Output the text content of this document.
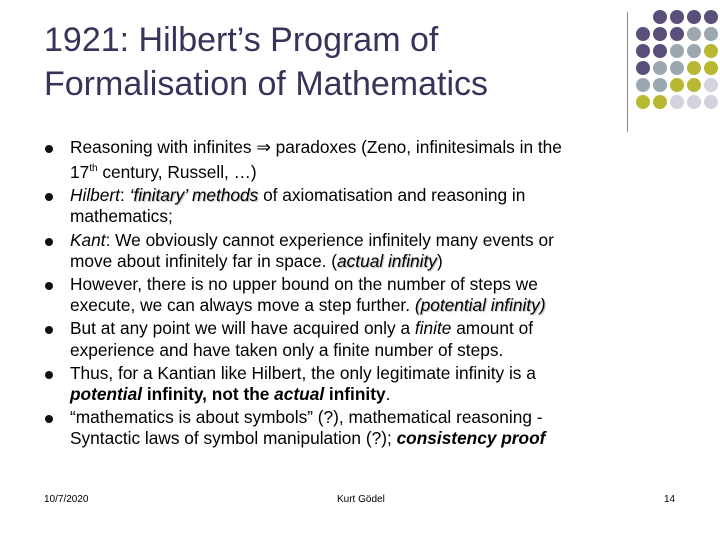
1921: Hilbert’s Program of
Formalisation of Mathematics
Reasoning with infinites ⇒ paradoxes (Zeno, infinitesimals in the
17th century, Russell, …)
Hilbert: ‘finitary’ methods of axiomatisation and reasoning in
mathematics;
Kant: We obviously cannot experience infinitely many events or
move about infinitely far in space. (actual infinity)
However, there is no upper bound on the number of steps we
execute, we can always move a step further. (potential infinity)
But at any point we will have acquired only a finite amount of
experience and have taken only a finite number of steps.
Thus, for a Kantian like Hilbert, the only legitimate infinity is a
potential infinity, not the actual infinity.
“mathematics is about symbols” (?), mathematical reasoning -
Syntactic laws of symbol manipulation (?); consistency proof
10/7/2020	Kurt Gödel	14
